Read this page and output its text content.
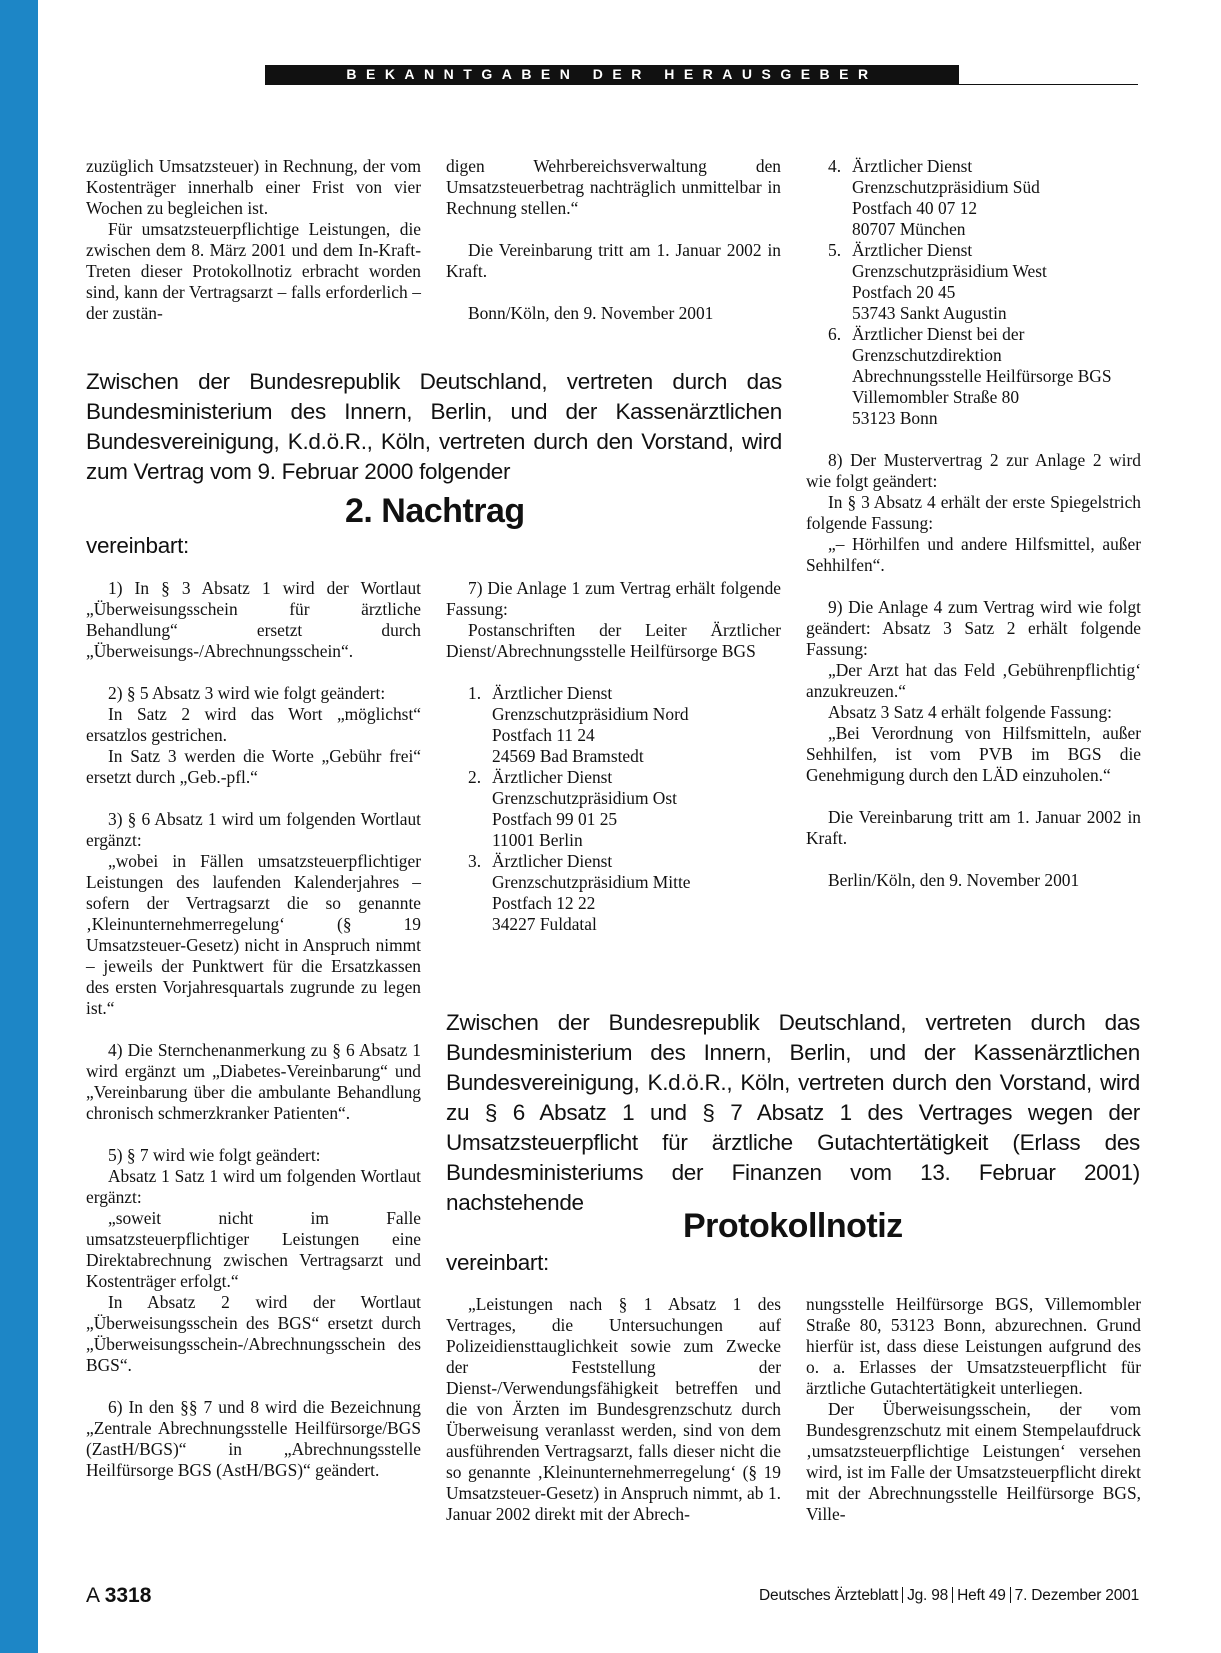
BEKANNTGABEN DER HERAUSGEBER

zuzüglich Umsatzsteuer) in Rechnung, der vom Kostenträger innerhalb einer Frist von vier Wochen zu begleichen ist.

Für umsatzsteuerpflichtige Leistungen, die zwischen dem 8. März 2001 und dem In-Kraft-Treten dieser Protokollnotiz erbracht worden sind, kann der Vertragsarzt – falls erforderlich – der zustän-

digen Wehrbereichsverwaltung den Umsatzsteuerbetrag nachträglich unmittelbar in Rechnung stellen.“

Die Vereinbarung tritt am 1. Januar 2002 in Kraft.

Bonn/Köln, den 9. November 2001

Zwischen der Bundesrepublik Deutschland, vertreten durch das Bundesministerium des Innern, Berlin, und der Kassenärztlichen Bundesvereinigung, K.d.ö.R., Köln, vertreten durch den Vorstand, wird zum Vertrag vom 9. Februar 2000 folgender
2. Nachtrag
vereinbart:

1) In § 3 Absatz 1 wird der Wortlaut „Überweisungsschein für ärztliche Behandlung“ ersetzt durch „Überweisungs-/Abrechnungsschein“.

2) § 5 Absatz 3 wird wie folgt geändert:

In Satz 2 wird das Wort „möglichst“ ersatzlos gestrichen.

In Satz 3 werden die Worte „Gebühr frei“ ersetzt durch „Geb.-pfl.“

3) § 6 Absatz 1 wird um folgenden Wortlaut ergänzt:

„wobei in Fällen umsatzsteuerpflichtiger Leistungen des laufenden Kalenderjahres – sofern der Vertragsarzt die so genannte ‚Kleinunternehmerregelung‘ (§ 19 Umsatzsteuer-Gesetz) nicht in Anspruch nimmt – jeweils der Punktwert für die Ersatzkassen des ersten Vorjahresquartals zugrunde zu legen ist.“

4) Die Sternchenanmerkung zu § 6 Absatz 1 wird ergänzt um „Diabetes-Vereinbarung“ und „Vereinbarung über die ambulante Behandlung chronisch schmerzkranker Patienten“.

5) § 7 wird wie folgt geändert:

Absatz 1 Satz 1 wird um folgenden Wortlaut ergänzt:

„soweit nicht im Falle umsatzsteuerpflichtiger Leistungen eine Direktabrechnung zwischen Vertragsarzt und Kostenträger erfolgt.“

In Absatz 2 wird der Wortlaut „Überweisungsschein des BGS“ ersetzt durch „Überweisungsschein-/Abrechnungsschein des BGS“.

6) In den §§ 7 und 8 wird die Bezeichnung „Zentrale Abrechnungsstelle Heilfürsorge/BGS (ZastH/BGS)“ in „Abrechnungsstelle Heilfürsorge BGS (AstH/BGS)“ geändert.

7) Die Anlage 1 zum Vertrag erhält folgende Fassung:

Postanschriften der Leiter Ärztlicher Dienst/Abrechnungsstelle Heilfürsorge BGS

1. Ärztlicher Dienst
Grenzschutzpräsidium Nord
Postfach 11 24
24569 Bad Bramstedt
2. Ärztlicher Dienst
Grenzschutzpräsidium Ost
Postfach 99 01 25
11001 Berlin
3. Ärztlicher Dienst
Grenzschutzpräsidium Mitte
Postfach 12 22
34227 Fuldatal
4. Ärztlicher Dienst
Grenzschutzpräsidium Süd
Postfach 40 07 12
80707 München
5. Ärztlicher Dienst
Grenzschutzpräsidium West
Postfach 20 45
53743 Sankt Augustin
6. Ärztlicher Dienst bei der Grenzschutzdirektion
Abrechnungsstelle Heilfürsorge BGS
Villemombler Straße 80
53123 Bonn

8) Der Mustervertrag 2 zur Anlage 2 wird wie folgt geändert:

In § 3 Absatz 4 erhält der erste Spiegelstrich folgende Fassung:

„– Hörhilfen und andere Hilfsmittel, außer Sehhilfen“.

9) Die Anlage 4 zum Vertrag wird wie folgt geändert: Absatz 3 Satz 2 erhält folgende Fassung:

„Der Arzt hat das Feld ‚Gebührenpflichtig‘ anzukreuzen.“

Absatz 3 Satz 4 erhält folgende Fassung:

„Bei Verordnung von Hilfsmitteln, außer Sehhilfen, ist vom PVB im BGS die Genehmigung durch den LÄD einzuholen.“

Die Vereinbarung tritt am 1. Januar 2002 in Kraft.

Berlin/Köln, den 9. November 2001

Zwischen der Bundesrepublik Deutschland, vertreten durch das Bundesministerium des Innern, Berlin, und der Kassenärztlichen Bundesvereinigung, K.d.ö.R., Köln, vertreten durch den Vorstand, wird zu § 6 Absatz 1 und § 7 Absatz 1 des Vertrages wegen der Umsatzsteuerpflicht für ärztliche Gutachtertätigkeit (Erlass des Bundesministeriums der Finanzen vom 13. Februar 2001) nachstehende
Protokollnotiz
vereinbart:

„Leistungen nach § 1 Absatz 1 des Vertrages, die Untersuchungen auf Polizeidiensttauglichkeit sowie zum Zwecke der Feststellung der Dienst-/Verwendungsfähigkeit betreffen und die von Ärzten im Bundesgrenzschutz durch Überweisung veranlasst werden, sind von dem ausführenden Vertragsarzt, falls dieser nicht die so genannte ‚Kleinunternehmerregelung‘ (§ 19 Umsatzsteuer-Gesetz) in Anspruch nimmt, ab 1. Januar 2002 direkt mit der Abrech-

nungsstelle Heilfürsorge BGS, Villemombler Straße 80, 53123 Bonn, abzurechnen. Grund hierfür ist, dass diese Leistungen aufgrund des o. a. Erlasses der Umsatzsteuerpflicht für ärztliche Gutachtertätigkeit unterliegen.

Der Überweisungsschein, der vom Bundesgrenzschutz mit einem Stempelaufdruck ‚umsatzsteuerpflichtige Leistungen‘ versehen wird, ist im Falle der Umsatzsteuerpflicht direkt mit der Abrechnungsstelle Heilfürsorge BGS, Ville-

A 3318	Deutsches Ärzteblatt Jg. 98 Heft 49 7. Dezember 2001
